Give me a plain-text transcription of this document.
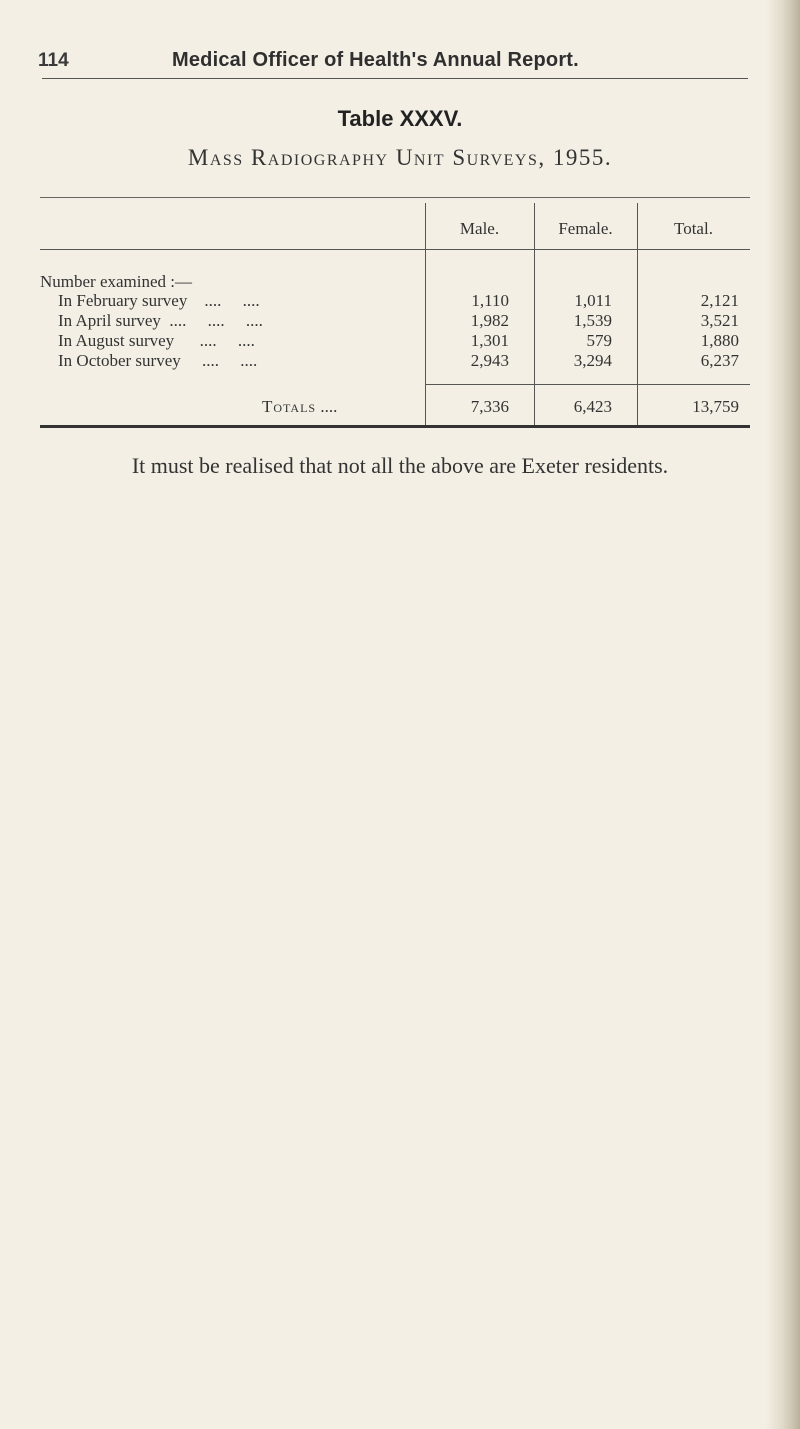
114	Medical Officer of Health's Annual Report.
Table XXXV.
Mass Radiography Unit Surveys, 1955.
Male.	Female.	Total.
Number examined :—
In February survey    ....     ....	1,110	1,011	2,121
In April survey  ....     ....     ....	1,982	1,539	3,521
In August survey      ....     ....	1,301	579	1,880
In October survey     ....     ....	2,943	3,294	6,237
Totals ....	7,336	6,423	13,759
It must be realised that not all the above are Exeter residents.
